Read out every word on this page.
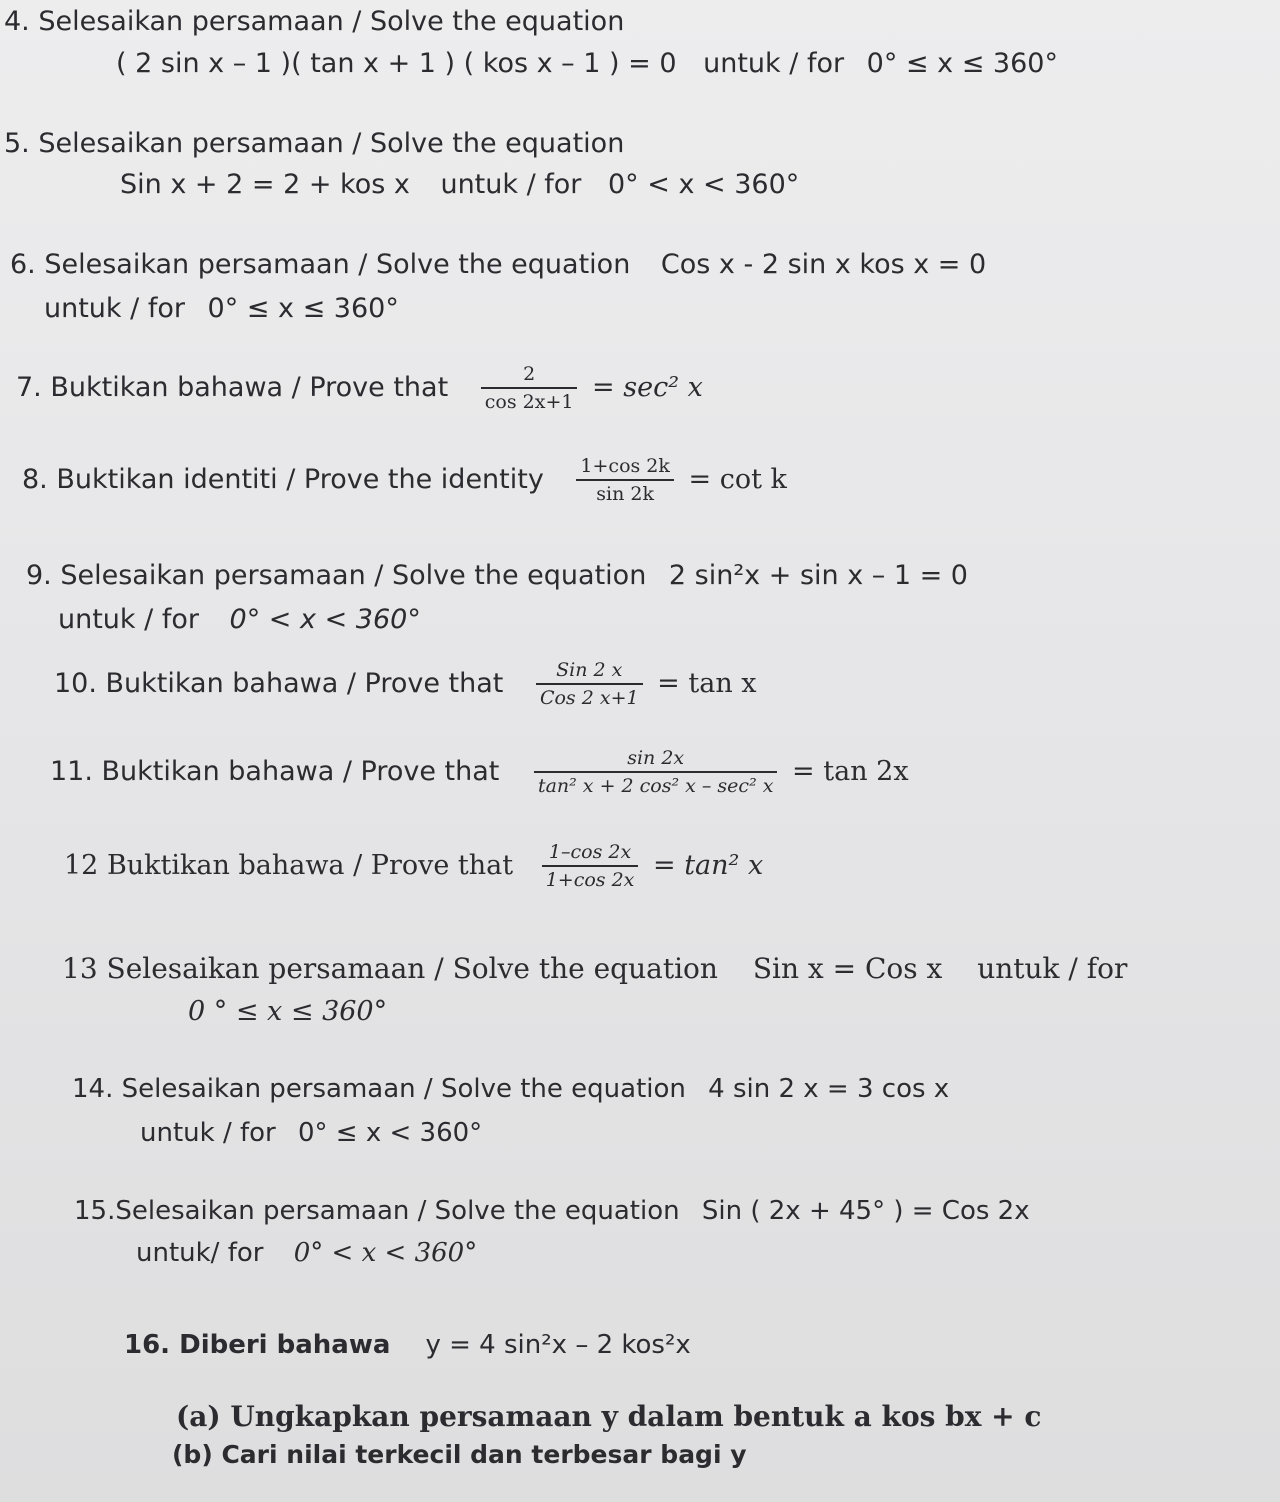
4. Selesaikan persamaan / Solve the equation
( 2 sin x – 1 )( tan x + 1 ) ( kos x – 1 ) = 0 untuk / for 0° ≤ x ≤ 360°
5. Selesaikan persamaan / Solve the equation
Sin x + 2 = 2 + kos x untuk / for 0° < x < 360°
6. Selesaikan persamaan / Solve the equation Cos x - 2 sin x kos x = 0
untuk / for 0° ≤ x ≤ 360°
7. Buktikan bahawa / Prove that $\frac{2}{\cos 2x+1} = \sec^2$ x
8. Buktikan identiti / Prove the identity $\frac{1+\cos 2k}{\sin 2k} = \cot k$
9. Selesaikan persamaan / Solve the equation 2 sin²x + sin x – 1 = 0
untuk / for 0° < x < 360°
10. Buktikan bahawa / Prove that $\frac{\text{Sin 2 x}}{\text{Cos 2 x+1}} = \tan x$
11. Buktikan bahawa / Prove that $\frac{\sin 2x}{\text{tan² x + 2 cos² x – sec² x}} = \tan 2x$
12 Buktikan bahawa / Prove that $\frac{1-\cos 2x}{1+\cos 2x} = \tan^2$ x
13 Selesaikan persamaan / Solve the equation Sin x = Cos x untuk / for
0 ° ≤ x ≤ 360°
14. Selesaikan persamaan / Solve the equation 4 sin 2 x = 3 cos x
untuk / for 0° ≤ x < 360°
15.Selesaikan persamaan / Solve the equation Sin ( 2x + 45° ) = Cos 2x
untuk/ for 0° < x < 360°
16. Diberi bahawa y = 4 sin²x – 2 kos²x
(a) Ungkapkan persamaan y dalam bentuk a kos bx + c
(b) Cari nilai terkecil dan terbesar bagi y
